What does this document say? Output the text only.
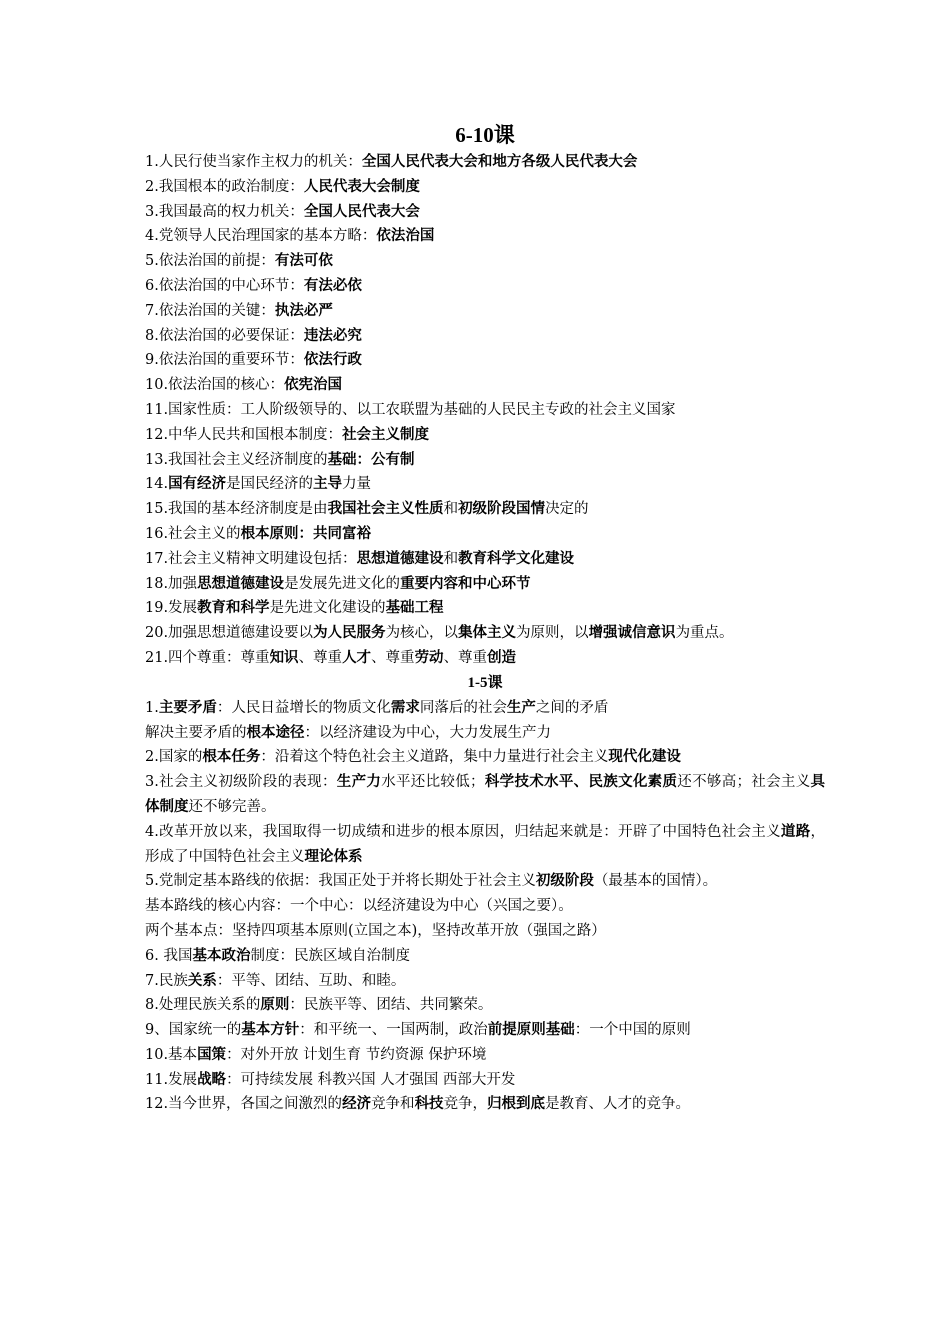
6-10课

1.人民行使当家作主权力的机关：全国人民代表大会和地方各级人民代表大会

2.我国根本的政治制度：人民代表大会制度

3.我国最高的权力机关：全国人民代表大会

4.党领导人民治理国家的基本方略：依法治国

5.依法治国的前提：有法可依

6.依法治国的中心环节：有法必依

7.依法治国的关键：执法必严

8.依法治国的必要保证：违法必究

9.依法治国的重要环节：依法行政

10.依法治国的核心：依宪治国

11.国家性质：工人阶级领导的、以工农联盟为基础的人民民主专政的社会主义国家

12.中华人民共和国根本制度：社会主义制度

13.我国社会主义经济制度的基础：公有制

14.国有经济是国民经济的主导力量

15.我国的基本经济制度是由我国社会主义性质和初级阶段国情决定的

16.社会主义的根本原则：共同富裕

17.社会主义精神文明建设包括：思想道德建设和教育科学文化建设

18.加强思想道德建设是发展先进文化的重要内容和中心环节

19.发展教育和科学是先进文化建设的基础工程

20.加强思想道德建设要以为人民服务为核心，以集体主义为原则，以增强诚信意识为重点。

21.四个尊重：尊重知识、尊重人才、尊重劳动、尊重创造

1-5课

1.主要矛盾：人民日益增长的物质文化需求同落后的社会生产之间的矛盾

解决主要矛盾的根本途径：以经济建设为中心，大力发展生产力

2.国家的根本任务：沿着这个特色社会主义道路，集中力量进行社会主义现代化建设

3.社会主义初级阶段的表现：生产力水平还比较低；科学技术水平、民族文化素质还不够高；社会主义具体制度还不够完善。

4.改革开放以来，我国取得一切成绩和进步的根本原因，归结起来就是：开辟了中国特色社会主义道路，形成了中国特色社会主义理论体系

5.党制定基本路线的依据：我国正处于并将长期处于社会主义初级阶段（最基本的国情）。

基本路线的核心内容：一个中心：以经济建设为中心（兴国之要）。

两个基本点：坚持四项基本原则(立国之本)，坚持改革开放（强国之路）

6. 我国基本政治制度：民族区域自治制度

7.民族关系：平等、团结、互助、和睦。

8.处理民族关系的原则：民族平等、团结、共同繁荣。

9、国家统一的基本方针：和平统一、一国两制，政治前提原则基础：一个中国的原则

10.基本国策：对外开放 计划生育 节约资源 保护环境

11.发展战略：可持续发展 科教兴国 人才强国 西部大开发

12.当今世界，各国之间激烈的经济竞争和科技竞争，归根到底是教育、人才的竞争。
